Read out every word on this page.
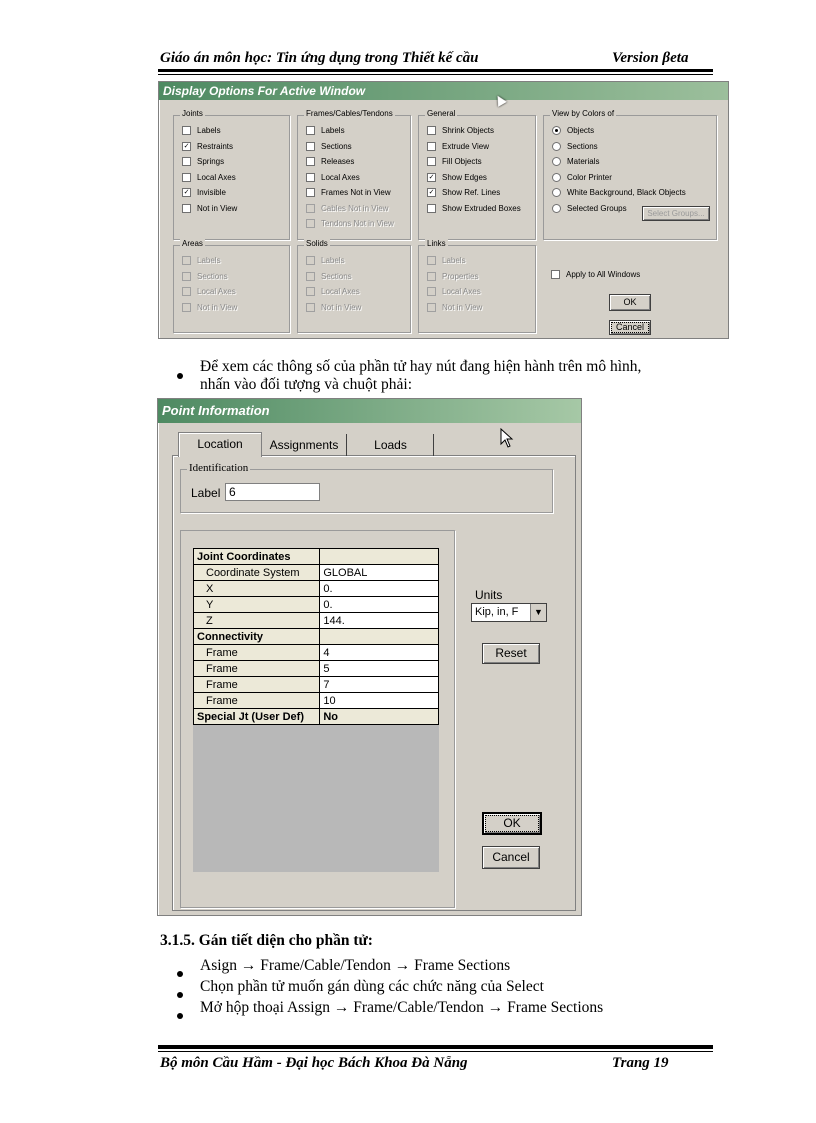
Giáo án môn học: Tin ứng dụng trong Thiết kế cầu	Version βeta
Display Options For Active Window
Joints
Labels
✓ Restraints
Springs
Local Axes
✓ Invisible
Not in View
Frames/Cables/Tendons
Labels
Sections
Releases
Local Axes
Frames Not in View
Cables Not in View
Tendons Not in View
General
Shrink Objects
Extrude View
Fill Objects
✓ Show Edges
✓ Show Ref. Lines
Show Extruded Boxes
View by Colors of
Objects
Sections
Materials
Color Printer
White Background, Black Objects
Selected Groups
Select Groups...
Areas
Labels
Sections
Local Axes
Not in View
Solids
Labels
Sections
Local Axes
Not in View
Links
Labels
Properties
Local Axes
Not in View
Apply to All Windows
OK
Cancel
Để xem các thông số của phần tử hay nút đang hiện hành trên mô hình,
nhấn vào đối tượng và chuột phải:
Point Information
Location	Assignments	Loads
Identification
Label 6
Joint Coordinates	
Coordinate System	GLOBAL
X	0.
Y	0.
Z	144.
Connectivity	
Frame	4
Frame	5
Frame	7
Frame	10
Special Jt (User Def)	No
Units
Kip, in, F	▼
Reset
OK
Cancel
3.1.5. Gán tiết diện cho phần tử:
Asign → Frame/Cable/Tendon → Frame Sections
Chọn phần tử muốn gán dùng các chức năng của Select
Mở hộp thoại Assign → Frame/Cable/Tendon → Frame Sections
Bộ môn Cầu Hầm - Đại học Bách Khoa Đà Nẵng	Trang 19
